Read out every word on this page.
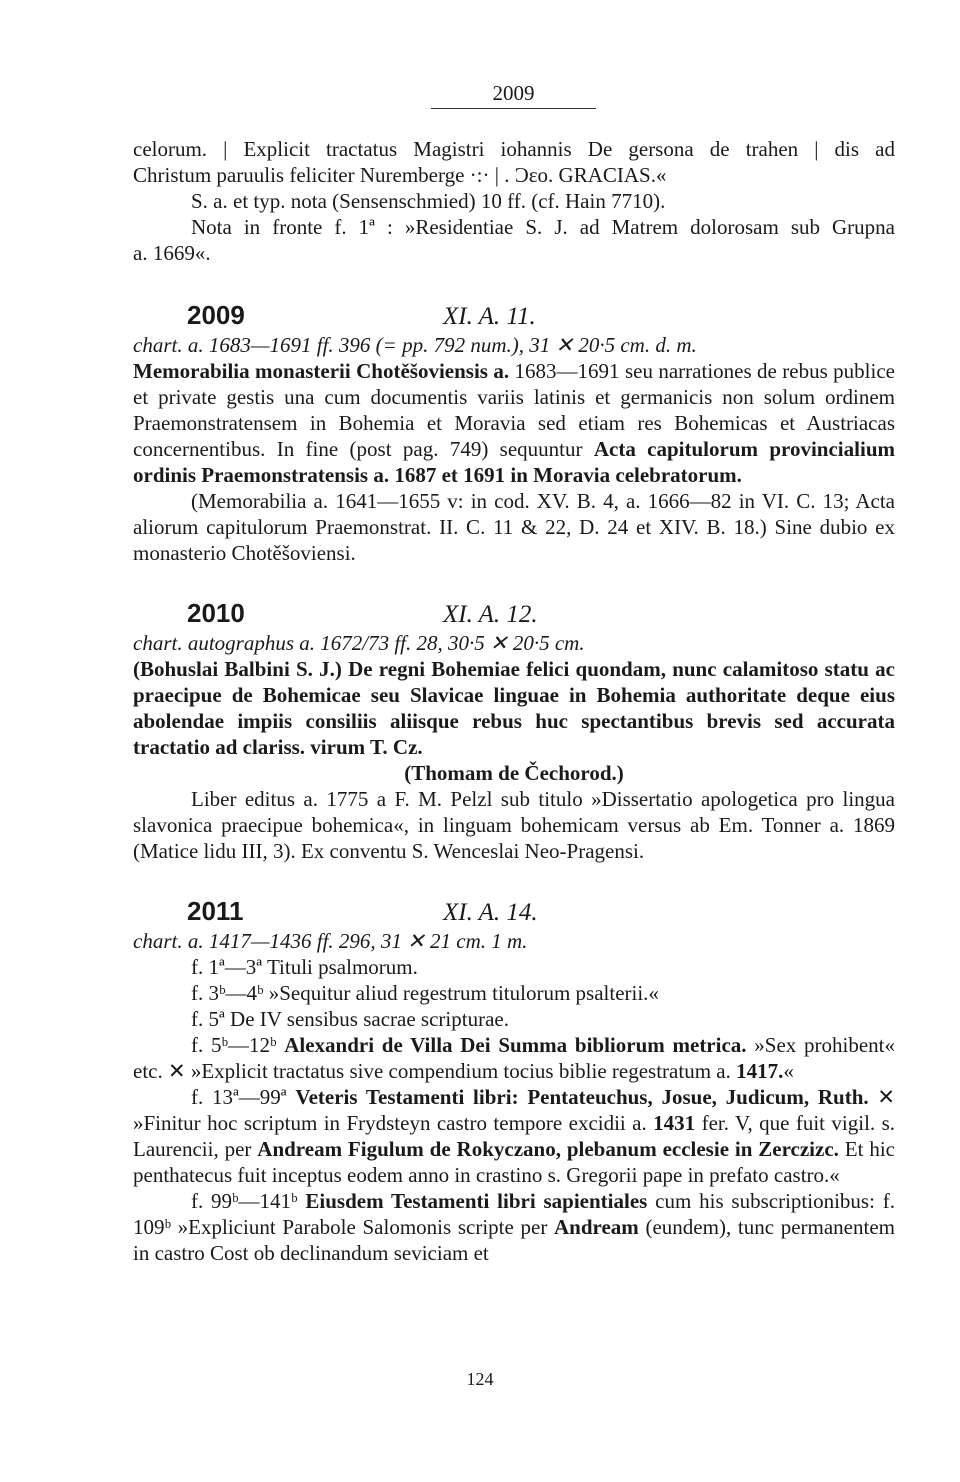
2009
celorum. | Explicit tractatus Magistri iohannis De gersona de trahen | dis ad
Christum paruulis feliciter Nuremberge ·:· | . Ɔεο. GRACIAS.«
S. a. et typ. nota (Sensenschmied) 10 ff. (cf. Hain 7710).
Nota in fronte f. 1ª : »Residentiae S. J. ad Matrem dolorosam sub Grupna
a. 1669«.
2009	XI. A. 11.

chart. a. 1683—1691 ff. 396 (= pp. 792 num.), 31 ✕ 20·5 cm. d. m.

Memorabilia monasterii Chotěšoviensis a. 1683—1691 seu narrationes de rebus publice et private gestis una cum documentis variis latinis et germanicis non solum ordinem Praemonstratensem in Bohemia et Moravia sed etiam res Bohemicas et Austriacas concernentibus. In fine (post pag. 749) sequuntur Acta capitulorum provincialium ordinis Praemonstratensis a. 1687 et 1691 in Moravia celebratorum.

(Memorabilia a. 1641—1655 v: in cod. XV. B. 4, a. 1666—82 in VI. C. 13; Acta aliorum capitulorum Praemonstrat. II. C. 11 & 22, D. 24 et XIV. B. 18.) Sine dubio ex monasterio Chotěšoviensi.

2010	XI. A. 12.

chart. autographus a. 1672/73 ff. 28, 30·5 ✕ 20·5 cm.

(Bohuslai Balbini S. J.) De regni Bohemiae felici quondam, nunc calamitoso statu ac praecipue de Bohemicae seu Slavicae linguae in Bohemia authoritate deque eius abolendae impiis consiliis aliisque rebus huc spectantibus brevis sed accurata tractatio ad clariss. virum T. Cz.

(Thomam de Čechorod.)

Liber editus a. 1775 a F. M. Pelzl sub titulo »Dissertatio apologetica pro lingua slavonica praecipue bohemica«, in linguam bohemicam versus ab Em. Tonner a. 1869 (Matice lidu III, 3). Ex conventu S. Wenceslai Neo-Pragensi.

2011	XI. A. 14.

chart. a. 1417—1436 ff. 296, 31 ✕ 21 cm. 1 m.

f. 1ª—3ª Tituli psalmorum.

f. 3ᵇ—4ᵇ »Sequitur aliud regestrum titulorum psalterii.«

f. 5ª De IV sensibus sacrae scripturae.

f. 5ᵇ—12ᵇ Alexandri de Villa Dei Summa bibliorum metrica. »Sex prohibent« etc. ✕ »Explicit tractatus sive compendium tocius biblie regestratum a. 1417.«

f. 13ª—99ª Veteris Testamenti libri: Pentateuchus, Josue, Judicum, Ruth. ✕ »Finitur hoc scriptum in Frydsteyn castro tempore excidii a. 1431 fer. V, que fuit vigil. s. Laurencii, per Andream Figulum de Rokyczano, plebanum ecclesie in Zerczizc. Et hic penthatecus fuit inceptus eodem anno in crastino s. Gregorii pape in prefato castro.«

f. 99ᵇ—141ᵇ Eiusdem Testamenti libri sapientiales cum his subscriptionibus: f. 109ᵇ »Expliciunt Parabole Salomonis scripte per Andream (eundem), tunc permanentem in castro Cost ob declinandum seviciam et

124
